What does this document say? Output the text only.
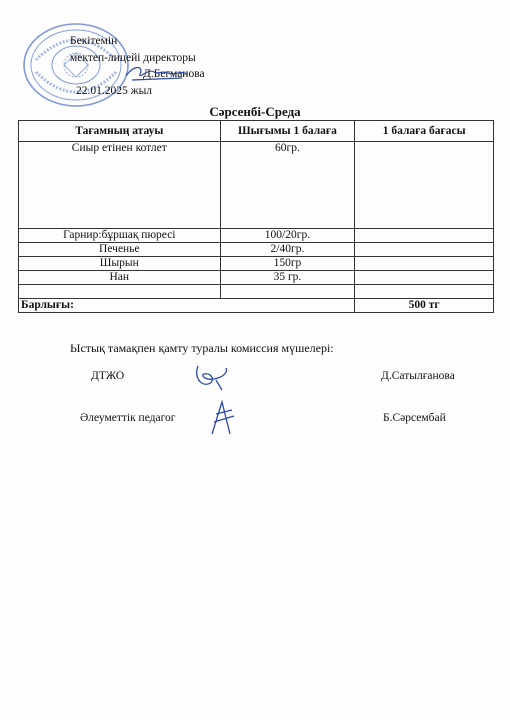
Бекітемін
мектеп-лицейі директоры
Д.Бегманова
22.01.2025 жыл
Сәрсенбі-Среда
Тағамның атауы	Шығымы 1 балаға	1 балаға бағасы
Сиыр етінен котлет	60гр.	
Гарнир:бұршақ пюресі	100/20гр.	
Печенье	2/40гр.	
Шырын	150гр	
Нан	35 гр.	

Барлығы:		500 тг
Ыстық тамақпен қамту туралы комиссия мүшелері:
ДТЖО	Д.Сатылғанова
Әлеуметтік педагог	Б.Сәрсембай
